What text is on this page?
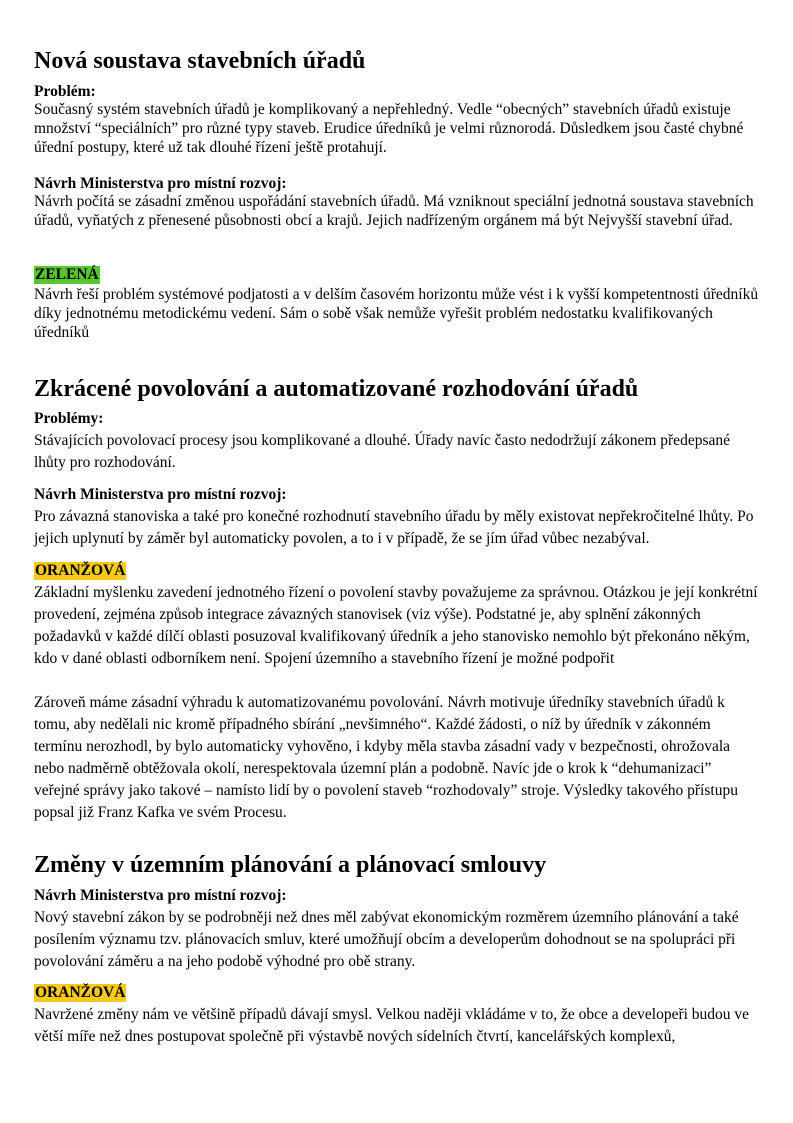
Nová soustava stavebních úřadů
Problém:

Současný systém stavebních úřadů je komplikovaný a nepřehledný. Vedle “obecných” stavebních úřadů existuje množství “speciálních” pro různé typy staveb. Erudice úředníků je velmi různorodá. Důsledkem jsou časté chybné úřední postupy, které už tak dlouhé řízení ještě protahují.

Návrh Ministerstva pro místní rozvoj:

Návrh počítá se zásadní změnou uspořádání stavebních úřadů. Má vzniknout speciální jednotná soustava stavebních úřadů, vyňatých z přenesené působnosti obcí a krajů. Jejich nadřízeným orgánem má být Nejvyšší stavební úřad.

ZELENÁ

Návrh řeší problém systémové podjatosti a v delším časovém horizontu může vést i k vyšší kompetentnosti úředníků díky jednotnému metodickému vedení. Sám o sobě však nemůže vyřešit problém nedostatku kvalifikovaných úředníků

Zkrácené povolování a automatizované rozhodování úřadů
Problémy:

Stávajících povolovací procesy jsou komplikované a dlouhé. Úřady navíc často nedodržují zákonem předepsané lhůty pro rozhodování.

Návrh Ministerstva pro místní rozvoj:

Pro závazná stanoviska a také pro konečné rozhodnutí stavebního úřadu by měly existovat nepřekročitelné lhůty. Po jejich uplynutí by záměr byl automaticky povolen, a to i v případě, že se jím úřad vůbec nezabýval.

ORANŽOVÁ

Základní myšlenku zavedení jednotného řízení o povolení stavby považujeme za správnou. Otázkou je její konkrétní provedení, zejména způsob integrace závazných stanovisek (viz výše). Podstatné je, aby splnění zákonných požadavků v každé dílčí oblasti posuzoval kvalifikovaný úředník a jeho stanovisko nemohlo být překonáno někým, kdo v dané oblasti odborníkem není. Spojení územního a stavebního řízení je možné podpořit

Zároveň máme zásadní výhradu k automatizovanému povolování. Návrh motivuje úředníky stavebních úřadů k tomu, aby nedělali nic kromě případného sbírání „nevšimného“. Každé žádosti, o níž by úředník v zákonném termínu nerozhodl, by bylo automaticky vyhověno, i kdyby měla stavba zásadní vady v bezpečnosti, ohrožovala nebo nadměrně obtěžovala okolí, nerespektovala územní plán a podobně. Navíc jde o krok k “dehumanizaci” veřejné správy jako takové – namísto lidí by o povolení staveb “rozhodovaly” stroje. Výsledky takového přístupu popsal již Franz Kafka ve svém Procesu.

Změny v územním plánování a plánovací smlouvy
Návrh Ministerstva pro místní rozvoj:

Nový stavební zákon by se podrobněji než dnes měl zabývat ekonomickým rozměrem územního plánování a také posílením významu tzv. plánovacích smluv, které umožňují obcím a developerům dohodnout se na spolupráci při povolování záměru a na jeho podobě výhodné pro obě strany.

ORANŽOVÁ

Navržené změny nám ve většině případů dávají smysl. Velkou naději vkládáme v to, že obce a developeři budou ve větší míře než dnes postupovat společně při výstavbě nových sídelních čtvrtí, kancelářských komplexů,
